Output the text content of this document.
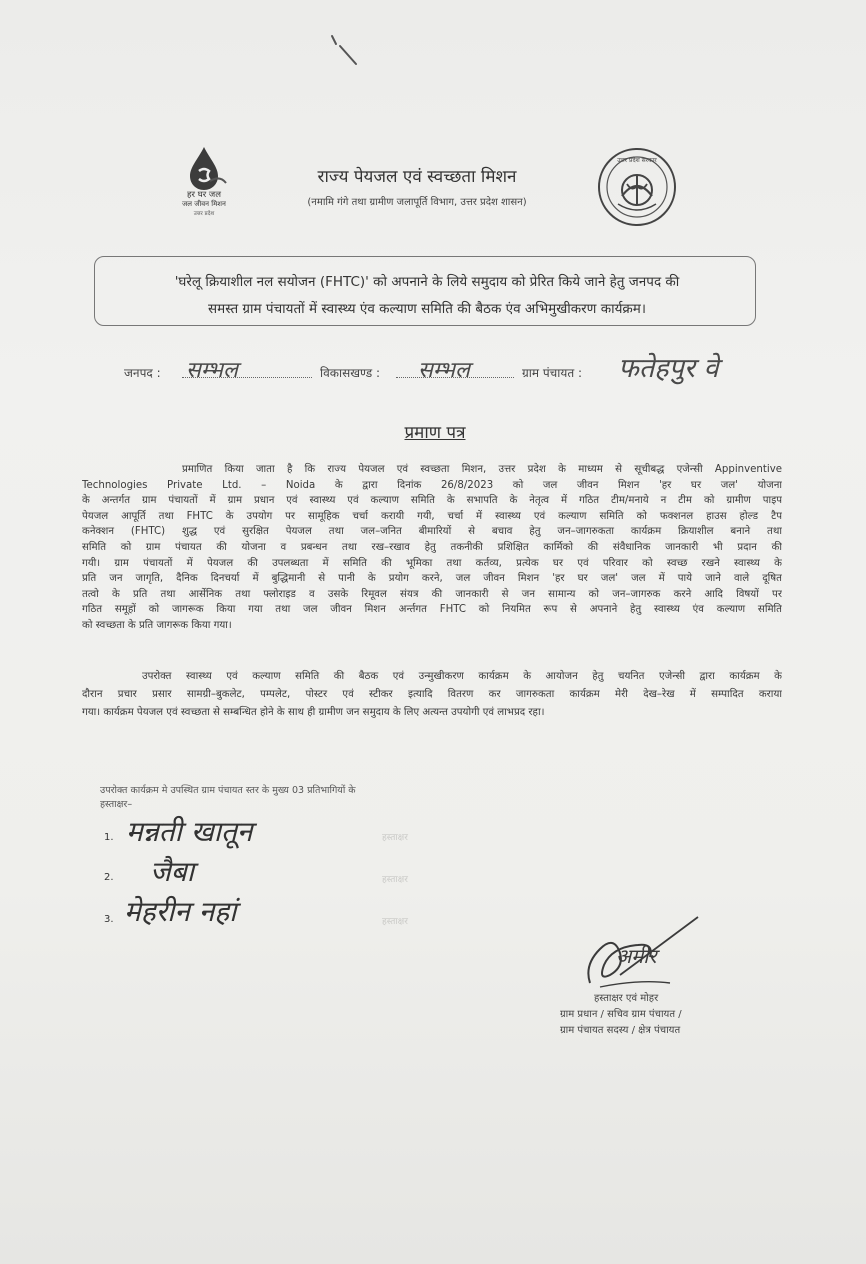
हर घर जल
जल जीवन मिशन
उत्तर प्रदेश
राज्य पेयजल एवं स्वच्छता मिशन
(नमामि गंगे तथा ग्रामीण जलापूर्ति विभाग, उत्तर प्रदेश शासन)
उत्तर प्रदेश सरकार
'घरेलू क्रियाशील नल सयोजन (FHTC)' को अपनाने के लिये समुदाय को प्रेरित किये जाने हेतु जनपद की
समस्त ग्राम पंचायतों में स्वास्थ्य एंव कल्याण समिति की बैठक एंव अभिमुखीकरण कार्यक्रम।
जनपद : सम्भल	विकासखण्ड : सम्भल	ग्राम पंचायत : फतेहपुर वे
प्रमाण पत्र
प्रमाणित किया जाता है कि राज्य पेयजल एवं स्वच्छता मिशन, उत्तर प्रदेश के माध्यम से सूचीबद्ध एजेन्सी Appinventive
Technologies Private Ltd. – Noida के द्वारा दिनांक 26/8/2023 को जल जीवन मिशन 'हर घर जल' योजना
के अन्तर्गत ग्राम पंचायतों में ग्राम प्रधान एवं स्वास्थ्य एवं कल्याण समिति के सभापति के नेतृत्व में गठित टीम/मनाये न टीम को ग्रामीण पाइप
पेयजल आपूर्ति तथा FHTC के उपयोग पर सामूहिक चर्चा करायी गयी, चर्चा में स्वास्थ्य एवं कल्याण समिति को फक्शनल हाउस होल्ड टैप
कनेक्शन (FHTC) शुद्ध एवं सुरक्षित पेयजल तथा जल–जनित बीमारियों से बचाव हेतु जन–जागरुकता कार्यक्रम क्रियाशील बनाने तथा
समिति को ग्राम पंचायत की योजना व प्रबन्धन तथा रख–रखाव हेतु तकनीकी प्रशिक्षित कार्मिको की संवैधानिक जानकारी भी प्रदान की
गयी। ग्राम पंचायतों में पेयजल की उपलब्धता में समिति की भूमिका तथा कर्तव्य, प्रत्येक घर एवं परिवार को स्वच्छ रखने स्वास्थ्य के
प्रति जन जागृति, दैनिक दिनचर्या में बुद्धिमानी से पानी के प्रयोग करने, जल जीवन मिशन 'हर घर जल' जल में पाये जाने वाले दूषित
तत्वो के प्रति तथा आर्सेनिक तथा फ्लोराइड व उसके रिमूवल संयत्र की जानकारी से जन सामान्य को जन–जागरुक करने आदि विषयों पर
गठित समूहों को जागरूक किया गया तथा जल जीवन मिशन अर्न्तगत FHTC को नियमित रूप से अपनाने हेतु स्वास्थ्य एंव कल्याण समिति
को स्वच्छता के प्रति जागरूक किया गया।
उपरोक्त स्वास्थ्य एवं कल्याण समिति की बैठक एवं उन्मुखीकरण कार्यक्रम के आयोजन हेतु चयनित एजेन्सी द्वारा कार्यक्रम के
दौरान प्रचार प्रसार सामग्री–बुकलेट, पम्पलेट, पोस्टर एवं स्टीकर इत्यादि वितरण कर जागरुकता कार्यक्रम मेरी देख–रेख में सम्पादित कराया
गया। कार्यक्रम पेयजल एवं स्वच्छता से सम्बन्धित होने के साथ ही ग्रामीण जन समुदाय के लिए अत्यन्त उपयोगी एवं लाभप्रद रहा।
उपरोक्त कार्यक्रम मे उपस्थित ग्राम पंचायत स्तर के मुख्य 03 प्रतिभागियों के
हस्ताक्षर–
1. मन्नती खातून	हस्ताक्षर
2. जैबा	हस्ताक्षर
3. मेहरीन नहां	हस्ताक्षर
अमीर
हस्ताक्षर एवं मोहर
ग्राम प्रधान / सचिव ग्राम पंचायत /
ग्राम पंचायत सदस्य / क्षेत्र पंचायत
